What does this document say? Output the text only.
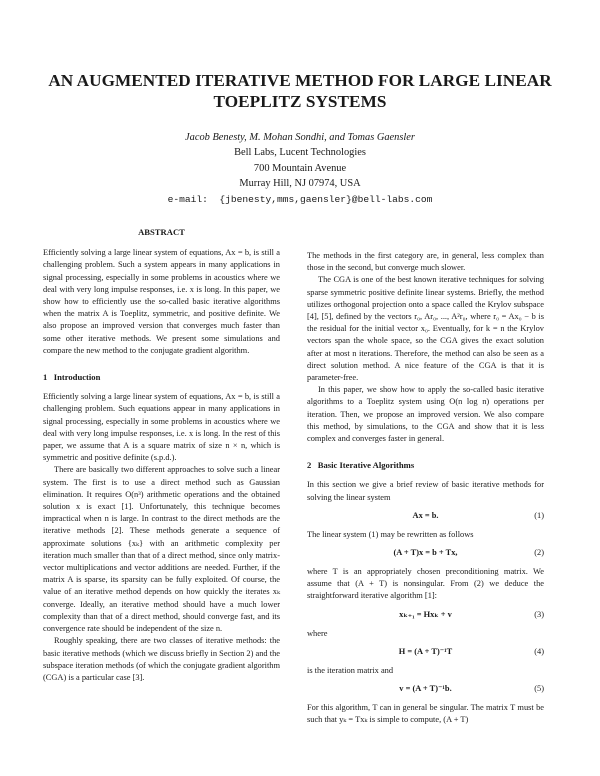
AN AUGMENTED ITERATIVE METHOD FOR LARGE LINEAR
TOEPLITZ SYSTEMS
Jacob Benesty, M. Mohan Sondhi, and Tomas Gaensler
Bell Labs, Lucent Technologies
700 Mountain Avenue
Murray Hill, NJ 07974, USA
e-mail:  {jbenesty,mms,gaensler}@bell-labs.com
ABSTRACT

Efficiently solving a large linear system of equations, Ax = b, is still a challenging problem. Such a system appears in many applications in signal processing, especially in some problems in acoustics where we deal with very long impulse responses, i.e. x is long. In this paper, we show how to efficiently use the so-called basic iterative algorithms when the matrix A is Toeplitz, symmetric, and positive definite. We also propose an improved version that converges much faster than some other iterative methods. We present some simulations and compare the new method to the conjugate gradient algorithm.

1   Introduction

Efficiently solving a large linear system of equations, Ax = b, is still a challenging problem. Such equations appear in many applications in signal processing, especially in some problems in acoustics where we deal with very long impulse responses, i.e. x is long. In the rest of this paper, we assume that A is a square matrix of size n × n, which is symmetric and positive definite (s.p.d.).

There are basically two different approaches to solve such a linear system. The first is to use a direct method such as Gaussian elimination. It requires O(n³) arithmetic operations and the obtained solution x is exact [1]. Unfortunately, this technique becomes impractical when n is large. In contrast to the direct methods are the iterative methods [2]. These methods generate a sequence of approximate solutions {xₖ} with an arithmetic complexity per iteration much smaller than that of a direct method, since only matrix-vector multiplications and vector additions are needed. Further, if the matrix A is sparse, its sparsity can be fully exploited. Of course, the value of an iterative method depends on how quickly the iterates xₖ converge. Ideally, an iterative method should have a much lower complexity than that of a direct method, should converge fast, and its convergence rate should be independent of the size n.

Roughly speaking, there are two classes of iterative methods: the basic iterative methods (which we discuss briefly in Section 2) and the subspace iteration methods (of which the conjugate gradient algorithm (CGA) is a particular case [3].

The methods in the first category are, in general, less complex than those in the second, but converge much slower.

The CGA is one of the best known iterative techniques for solving sparse symmetric positive definite linear systems. Briefly, the method utilizes orthogonal projection onto a space called the Krylov subspace [4], [5], defined by the vectors r₀, Ar₀, ..., A²r₀, where r₀ = Ax₀ − b is the residual for the initial vector x₀. Eventually, for k = n the Krylov vectors span the whole space, so the CGA gives the exact solution after at most n iterations. Therefore, the method can also be seen as a direct solution method. A nice feature of the CGA is that it is parameter-free.

In this paper, we show how to apply the so-called basic iterative algorithms to a Toeplitz system using O(n log n) operations per iteration. Then, we propose an improved version. We also compare this method, by simulations, to the CGA and show that it is less complex and converges faster in general.

2   Basic Iterative Algorithms

In this section we give a brief review of basic iterative methods for solving the linear system

Ax = b.	(1)

The linear system (1) may be rewritten as follows

(A + T)x = b + Tx,	(2)

where T is an appropriately chosen preconditioning matrix. We assume that (A + T) is nonsingular. From (2) we deduce the straightforward iterative algorithm [1]:

xₖ₊₁ = Hxₖ + v	(3)

where

H = (A + T)⁻¹T	(4)

is the iteration matrix and

v = (A + T)⁻¹b.	(5)

For this algorithm, T can in general be singular. The matrix T must be such that yₖ = Txₖ is simple to compute, (A + T)
